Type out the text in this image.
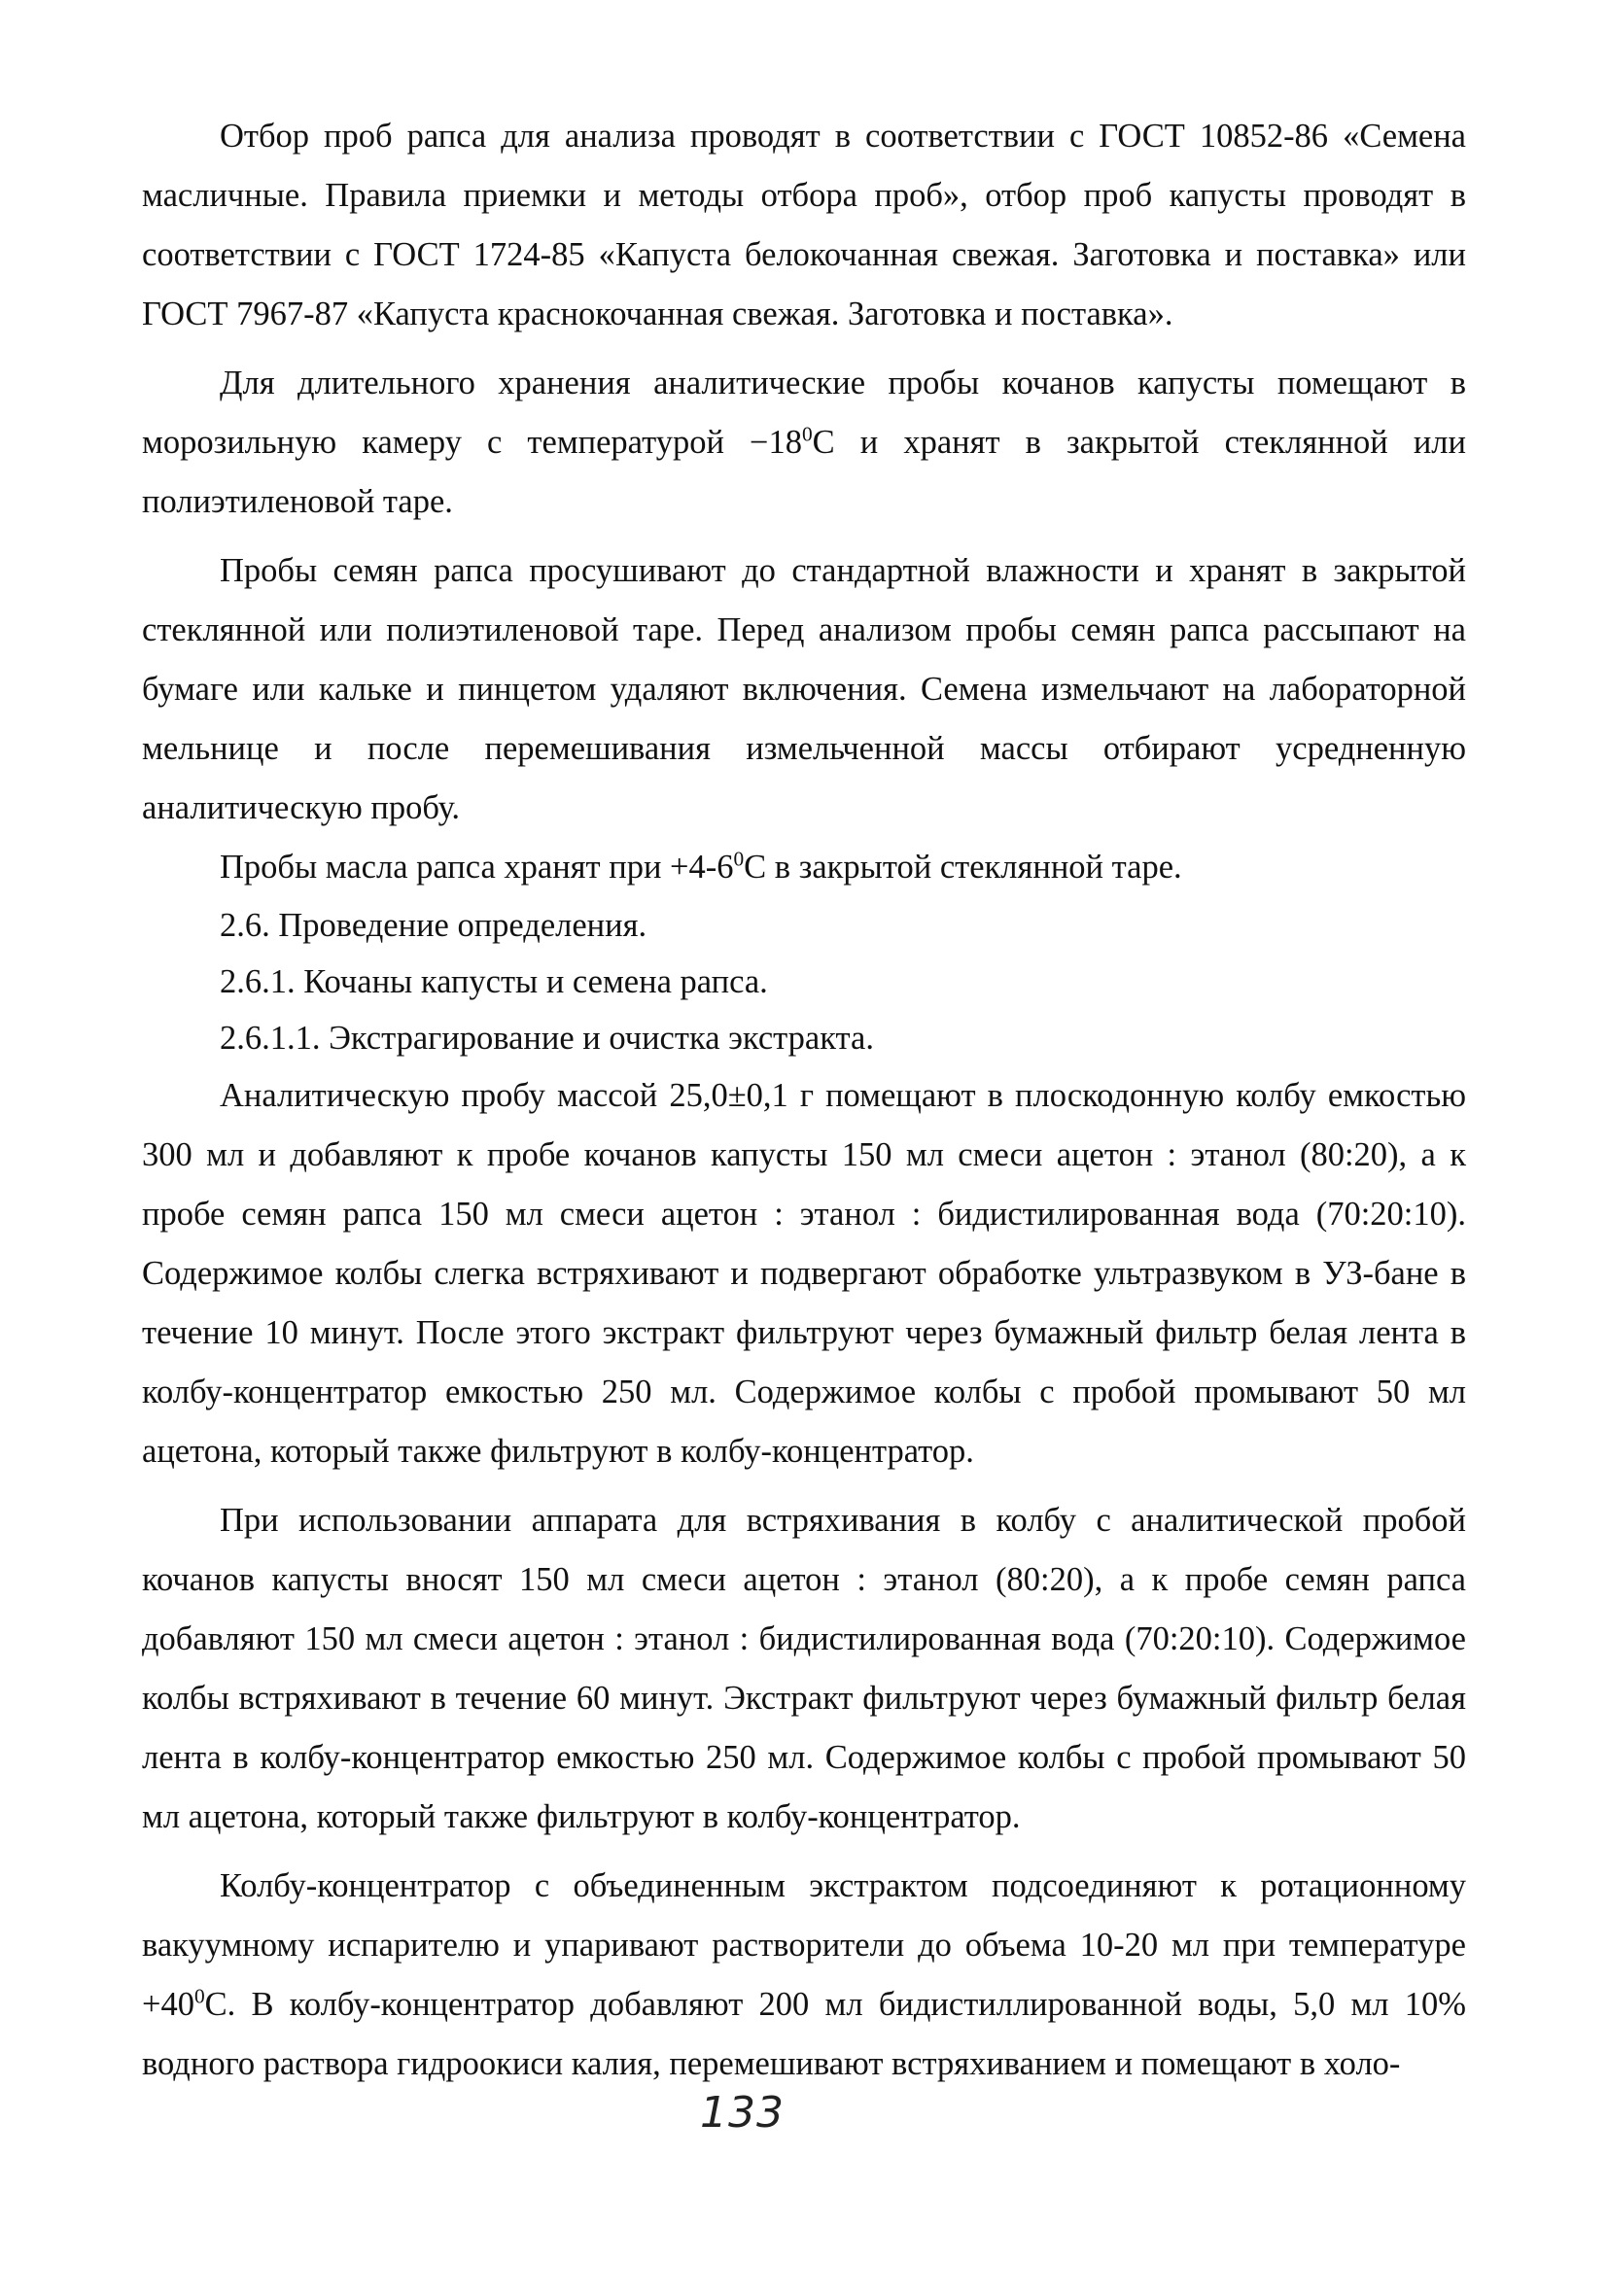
Отбор проб рапса для анализа проводят в соответствии с ГОСТ 10852-86 «Семена масличные. Правила приемки и методы отбора проб», отбор проб капусты проводят в соответствии с ГОСТ 1724-85 «Капуста белокочанная свежая. Заготовка и поставка» или ГОСТ 7967-87 «Капуста краснокочанная свежая. Заготовка и поставка».

Для длительного хранения аналитические пробы кочанов капусты помещают в морозильную камеру с температурой $-18^0С$ и хранят в закрытой стеклянной или полиэтиленовой таре.

Пробы семян рапса просушивают до стандартной влажности и хранят в закрытой стеклянной или полиэтиленовой таре. Перед анализом пробы семян рапса рассыпают на бумаге или кальке и пинцетом удаляют включения. Семена измельчают на лабораторной мельнице и после перемешивания измельченной массы отбирают усредненную аналитическую пробу.

Пробы масла рапса хранят при $+4-6^0С$ в закрытой стеклянной таре.

2.6. Проведение определения.

2.6.1. Кочаны капусты и семена рапса.

2.6.1.1. Экстрагирование и очистка экстракта.

Аналитическую пробу массой 25,0±0,1 г помещают в плоскодонную колбу емкостью 300 мл и добавляют к пробе кочанов капусты 150 мл смеси ацетон : этанол (80:20), а к пробе семян рапса 150 мл смеси ацетон : этанол : бидистилированная вода (70:20:10). Содержимое колбы слегка встряхивают и подвергают обработке ультразвуком в УЗ-бане в течение 10 минут. После этого экстракт фильтруют через бумажный фильтр белая лента в колбу-концентратор емкостью 250 мл. Содержимое колбы с пробой промывают 50 мл ацетона, который также фильтруют в колбу-концентратор.

При использовании аппарата для встряхивания в колбу с аналитической пробой кочанов капусты вносят 150 мл смеси ацетон : этанол (80:20), а к пробе семян рапса добавляют 150 мл смеси ацетон : этанол : бидистилированная вода (70:20:10). Содержимое колбы встряхивают в течение 60 минут. Экстракт фильтруют через бумажный фильтр белая лента в колбу-концентратор емкостью 250 мл. Содержимое колбы с пробой промывают 50 мл ацетона, который также фильтруют в колбу-концентратор.

Колбу-концентратор с объединенным экстрактом подсоединяют к ротационному вакуумному испарителю и упаривают растворители до объема 10-20 мл при температуре $+40^0С$. В колбу-концентратор добавляют 200 мл бидистиллированной воды, 5,0 мл 10% водного раствора гидроокиси калия, перемешивают встряхиванием и помещают в холо-

133
